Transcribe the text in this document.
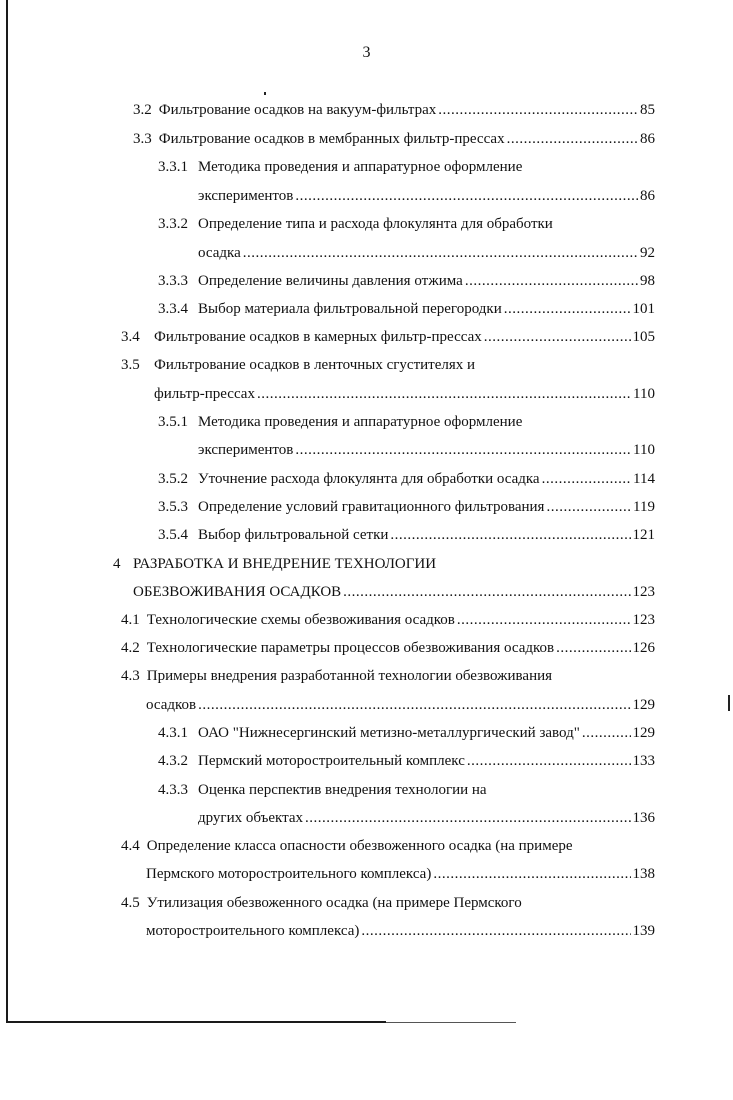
3
3.2 Фильтрование осадков на вакуум-фильтрах .....	85
3.3 Фильтрование осадков в мембранных фильтр-прессах .....	86
3.3.1 Методика проведения и аппаратурное оформление
экспериментов .....	86
3.3.2 Определение типа и расхода флокулянта для обработки
осадка .....	92
3.3.3 Определение величины давления отжима .....	98
3.3.4 Выбор материала фильтровальной перегородки .....	101
3.4 Фильтрование осадков в камерных фильтр-прессах .....	105
3.5 Фильтрование осадков в ленточных сгустителях и
фильтр-прессах .....	110
3.5.1 Методика проведения и аппаратурное оформление
экспериментов .....	110
3.5.2 Уточнение расхода флокулянта для обработки осадка .....	114
3.5.3 Определение условий гравитационного фильтрования .....	119
3.5.4 Выбор фильтровальной сетки .....	121
4 РАЗРАБОТКА И ВНЕДРЕНИЕ ТЕХНОЛОГИИ
ОБЕЗВОЖИВАНИЯ ОСАДКОВ .....	123
4.1 Технологические схемы обезвоживания осадков .....	123
4.2 Технологические параметры процессов обезвоживания осадков .....	126
4.3 Примеры внедрения разработанной технологии обезвоживания
осадков .....	129
4.3.1 ОАО "Нижнесергинский метизно-металлургический завод" .....	129
4.3.2 Пермский моторостроительный комплекс .....	133
4.3.3 Оценка перспектив внедрения технологии на
других объектах .....	136
4.4 Определение класса опасности обезвоженного осадка (на примере
Пермского моторостроительного комплекса) .....	138
4.5 Утилизация обезвоженного осадка (на примере Пермского
моторостроительного комплекса) .....	139
